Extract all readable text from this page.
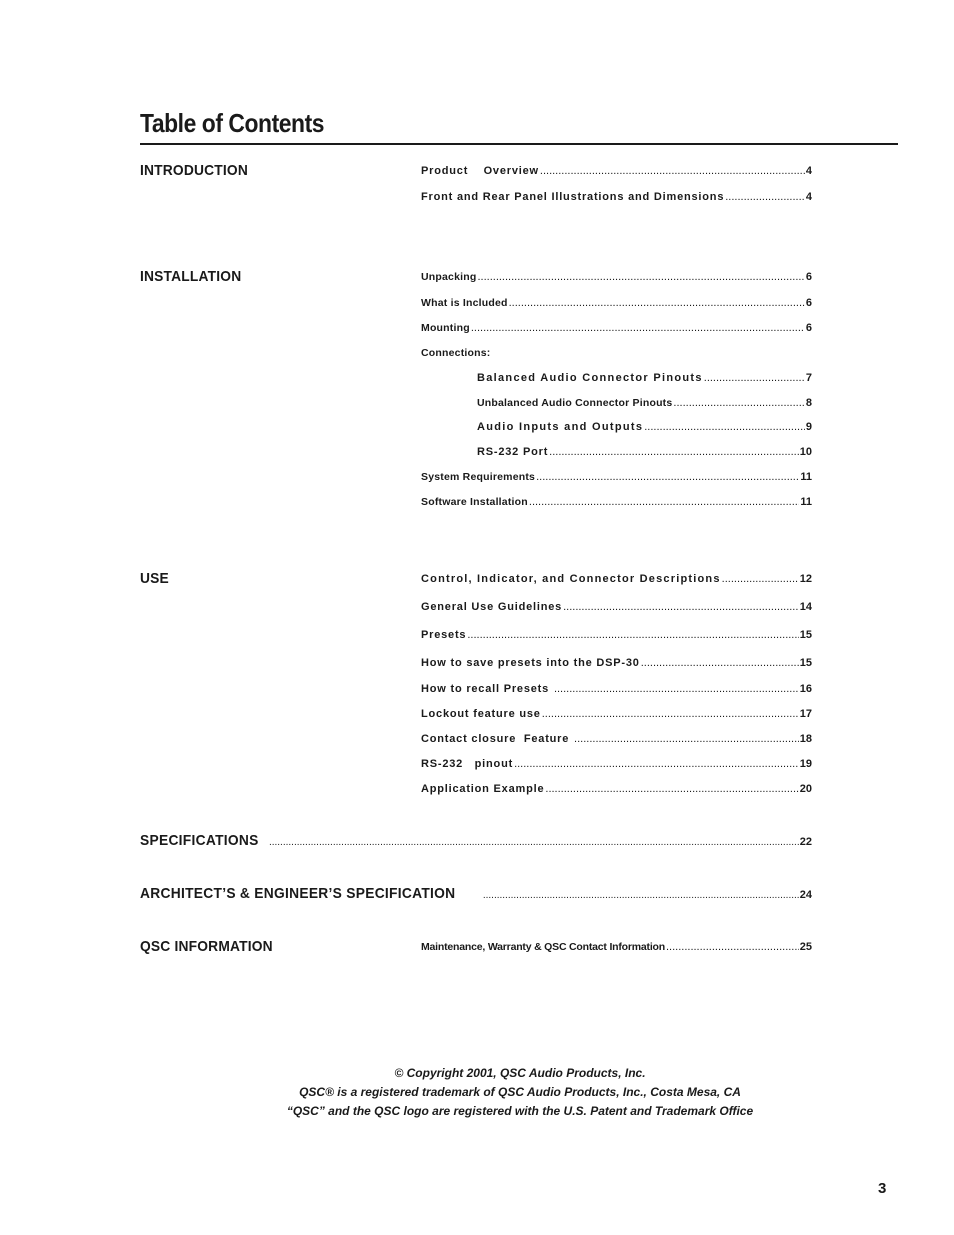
Table of Contents
INTRODUCTION	Product    Overview .....	4
Front and Rear Panel Illustrations and Dimensions .....	4
INSTALLATION	Unpacking .....	6
What is Included .....	6
Mounting .....	6
Connections:
Balanced Audio Connector Pinouts .....	7
Unbalanced Audio Connector Pinouts .....	8
Audio Inputs and Outputs .....	9
RS-232 Port .....	10
System Requirements .....	11
Software Installation .....	11
USE	Control, Indicator, and Connector Descriptions .....	12
General Use Guidelines .....	14
Presets .....	15
How to save presets into the DSP-30 .....	15
How to recall Presets .....	16
Lockout feature use .....	17
Contact closure  Feature .....	18
RS-232   pinout .....	19
Application Example .....	20
SPECIFICATIONS .....	22
ARCHITECT’S & ENGINEER’S SPECIFICATION .....	24
QSC INFORMATION	Maintenance, Warranty & QSC Contact Information .....	25
© Copyright 2001, QSC Audio Products, Inc.
QSC® is a registered trademark of QSC Audio Products, Inc., Costa Mesa, CA
“QSC” and the QSC logo are registered with the U.S. Patent and Trademark Office
3
